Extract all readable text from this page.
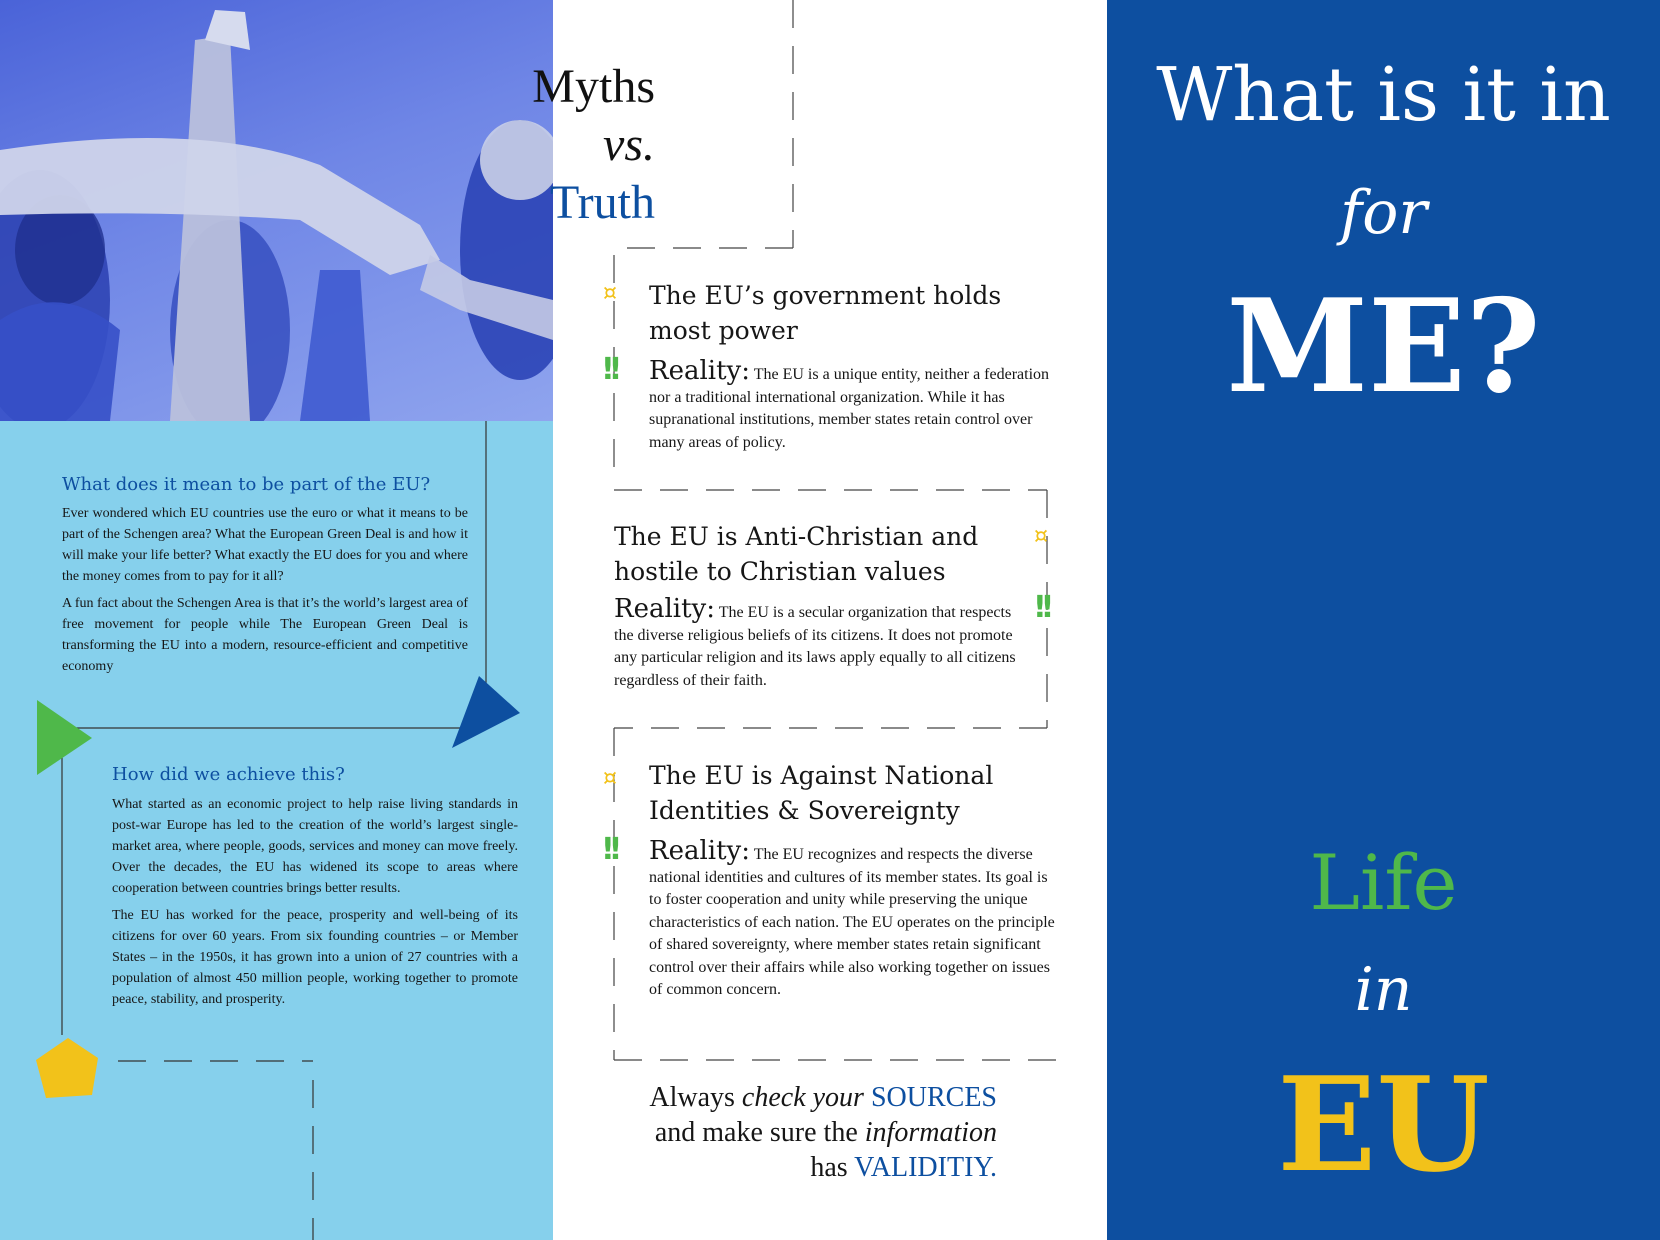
What does it mean to be part of the EU?

Ever wondered which EU countries use the euro or what it means to be part of the Schengen area? What the European Green Deal is and how it will make your life better? What exactly the EU does for you and where the money comes from to pay for it all?

A fun fact about the Schengen Area is that it’s the world’s largest area of free movement for people while The European Green Deal is transforming the EU into a modern, resource-efficient and competitive economy

How did we achieve this?

What started as an economic project to help raise living standards in post-war Europe has led to the creation of the world’s largest single-market area, where people, goods, services and money can move freely. Over the decades, the EU has widened its scope to areas where cooperation between countries brings better results.

The EU has worked for the peace, prosperity and well-being of its citizens for over 60 years. From six founding countries – or Member States – in the 1950s, it has grown into a union of 27 countries with a population of almost 450 million people, working together to promote peace, stability, and prosperity.

Myths
vs.
Truth
¤
!!
The EU’s government holds most power
Reality: The EU is a unique entity, neither a federation nor a traditional international organization. While it has supranational institutions, member states retain control over many areas of policy.
¤
!!
The EU is Anti-Christian and hostile to Christian values
Reality: The EU is a secular organization that respects the diverse religious beliefs of its citizens. It does not promote any particular religion and its laws apply equally to all citizens regardless of their faith.
¤
!!
The EU is Against National Identities & Sovereignty
Reality: The EU recognizes and respects the diverse national identities and cultures of its member states. Its goal is to foster cooperation and unity while preserving the unique characteristics of each nation. The EU operates on the principle of shared sovereignty, where member states retain significant control over their affairs while also working together on issues of common concern.
Always check your SOURCES
and make sure the information
has VALIDITIY.
What is it in
for
ME?
Life
in
EU
